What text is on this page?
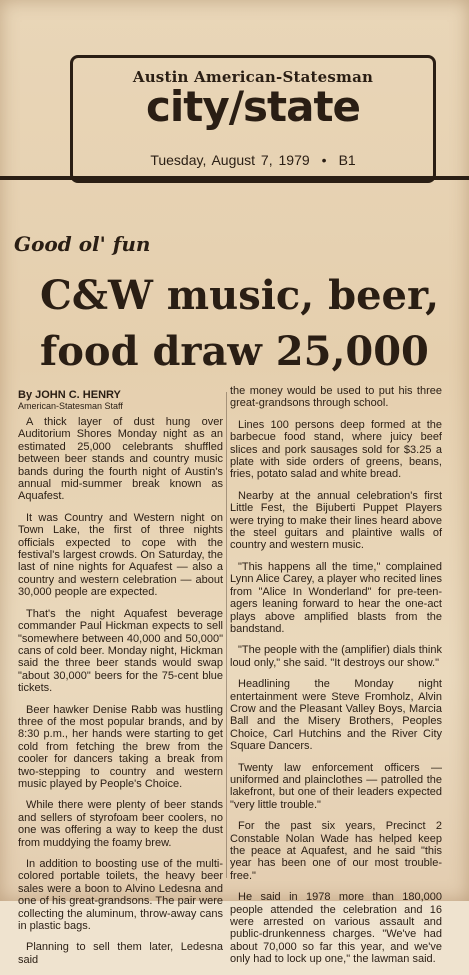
Austin American-Statesman
city/state
Tuesday, August 7, 1979 • B1
Good ol' fun
C&W music, beer,
food draw 25,000
By JOHN C. HENRY
American-Statesman Staff

A thick layer of dust hung over Auditorium Shores Monday night as an estimated 25,000 celebrants shuffled between beer stands and country music bands during the fourth night of Austin's annual mid-summer break known as Aquafest.

It was Country and Western night on Town Lake, the first of three nights officials expected to cope with the festival's largest crowds. On Saturday, the last of nine nights for Aquafest — also a country and western celebration — about 30,000 people are expected.

That's the night Aquafest beverage commander Paul Hickman expects to sell "somewhere between 40,000 and 50,000" cans of cold beer. Monday night, Hickman said the three beer stands would swap "about 30,000" beers for the 75-cent blue tickets.

Beer hawker Denise Rabb was hustling three of the most popular brands, and by 8:30 p.m., her hands were starting to get cold from fetching the brew from the cooler for dancers taking a break from two-stepping to country and western music played by People's Choice.

While there were plenty of beer stands and sellers of styrofoam beer coolers, no one was offering a way to keep the dust from muddying the foamy brew.

In addition to boosting use of the multi-colored portable toilets, the heavy beer sales were a boon to Alvino Ledesna and one of his great-grandsons. The pair were collecting the aluminum, throw-away cans in plastic bags.

Planning to sell them later, Ledesna said

the money would be used to put his three great-grandsons through school.

Lines 100 persons deep formed at the barbecue food stand, where juicy beef slices and pork sausages sold for $3.25 a plate with side orders of greens, beans, fries, potato salad and white bread.

Nearby at the annual celebration's first Little Fest, the Bijuberti Puppet Players were trying to make their lines heard above the steel guitars and plaintive walls of country and western music.

"This happens all the time," complained Lynn Alice Carey, a player who recited lines from "Alice In Wonderland" for pre-teen-agers leaning forward to hear the one-act plays above amplified blasts from the bandstand.

"The people with the (amplifier) dials think loud only," she said. "It destroys our show."

Headlining the Monday night entertainment were Steve Fromholz, Alvin Crow and the Pleasant Valley Boys, Marcia Ball and the Misery Brothers, Peoples Choice, Carl Hutchins and the River City Square Dancers.

Twenty law enforcement officers — uniformed and plainclothes — patrolled the lakefront, but one of their leaders expected "very little trouble."

For the past six years, Precinct 2 Constable Nolan Wade has helped keep the peace at Aquafest, and he said "this year has been one of our most trouble-free."

He said in 1978 more than 180,000 people attended the celebration and 16 were arrested on various assault and public-drunkenness charges. "We've had about 70,000 so far this year, and we've only had to lock up one," the lawman said.
